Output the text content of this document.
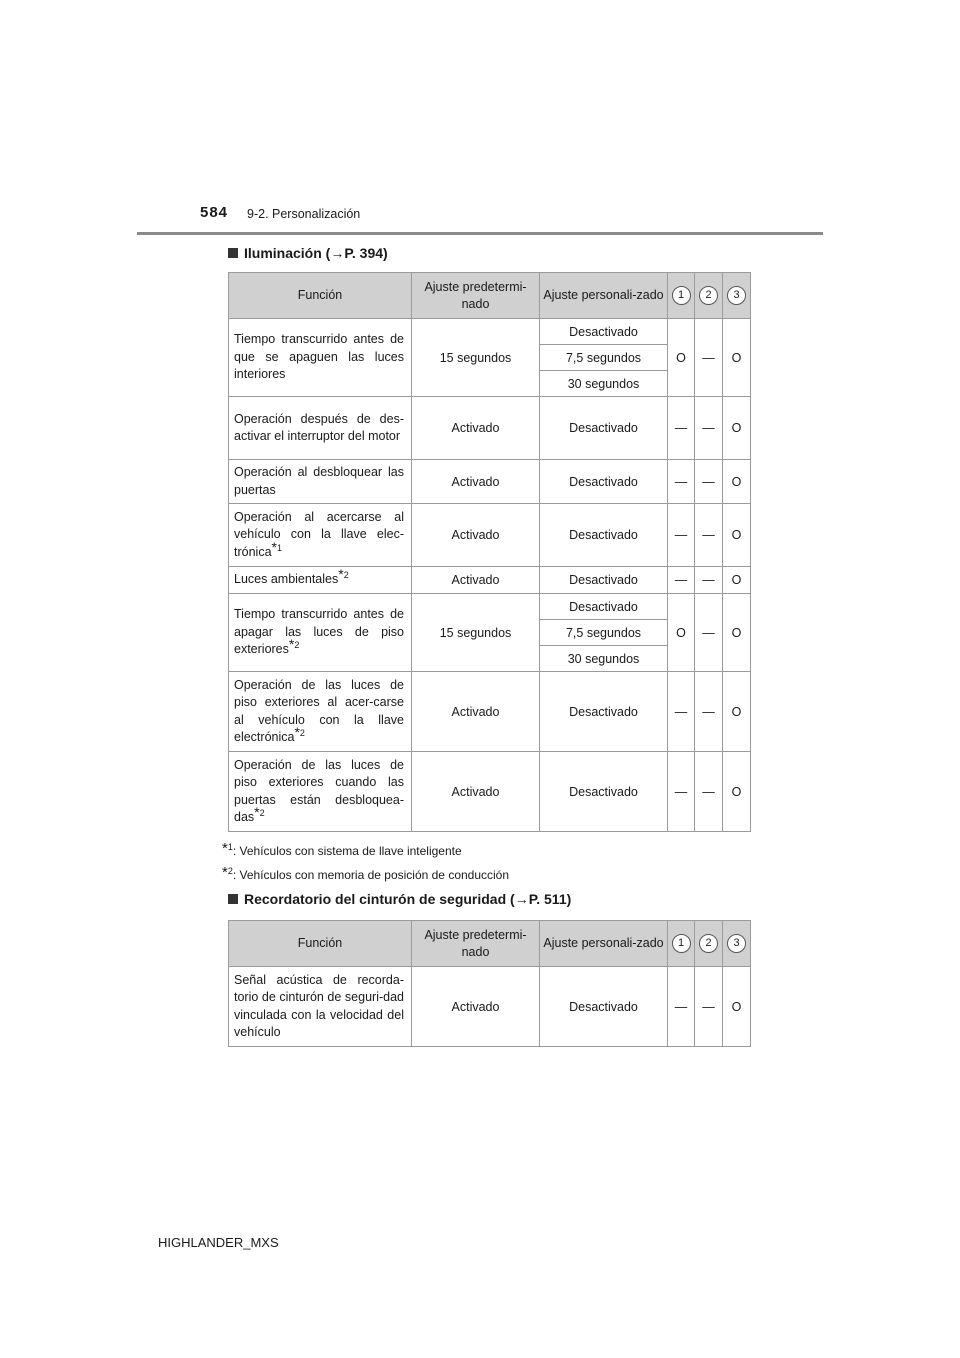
584 9-2. Personalización
Iluminación (→P. 394)
Función	Ajuste predetermi-nado	Ajuste personali-zado	1	2	3
Tiempo transcurrido antes de que se apaguen las luces interiores	15 segundos	Desactivado	O	—	O
		7,5 segundos			
		30 segundos			
Operación después de des-activar el interruptor del motor	Activado	Desactivado	—	—	O
Operación al desbloquear las puertas	Activado	Desactivado	—	—	O
Operación al acercarse al vehículo con la llave elec-trónica$^{*1}$	Activado	Desactivado	—	—	O
Luces ambientales$^{*2}$	Activado	Desactivado	—	—	O
Tiempo transcurrido antes de apagar las luces de piso exteriores$^{*2}$	15 segundos	Desactivado	O	—	O
		7,5 segundos			
		30 segundos			
Operación de las luces de piso exteriores al acer-carse al vehículo con la llave electrónica$^{*2}$	Activado	Desactivado	—	—	O
Operación de las luces de piso exteriores cuando las puertas están desbloquea-das$^{*2}$	Activado	Desactivado	—	—	O
*$^1$: Vehículos con sistema de llave inteligente
*$^2$: Vehículos con memoria de posición de conducción
Recordatorio del cinturón de seguridad (→P. 511)
Función	Ajuste predetermi-nado	Ajuste personali-zado	1	2	3
Señal acústica de recorda-torio de cinturón de seguri-dad vinculada con la velocidad del vehículo	Activado	Desactivado	—	—	O
HIGHLANDER_MXS
